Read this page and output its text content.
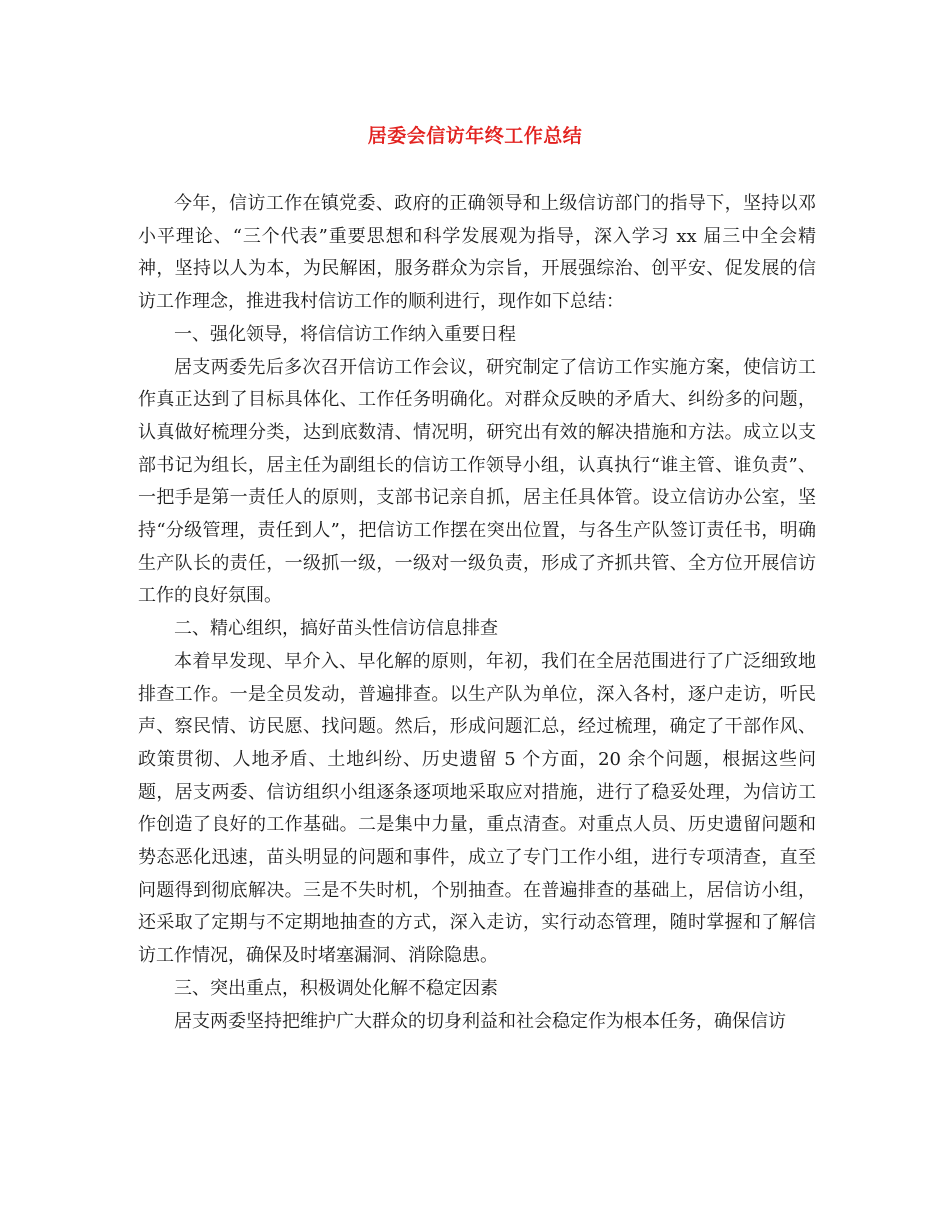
居委会信访年终工作总结

今年，信访工作在镇党委、政府的正确领导和上级信访部门的指导下，坚持以邓小平理论、“三个代表”重要思想和科学发展观为指导，深入学习 xx 届三中全会精神，坚持以人为本，为民解困，服务群众为宗旨，开展强综治、创平安、促发展的信访工作理念，推进我村信访工作的顺利进行，现作如下总结：

一、强化领导，将信信访工作纳入重要日程

居支两委先后多次召开信访工作会议，研究制定了信访工作实施方案，使信访工作真正达到了目标具体化、工作任务明确化。对群众反映的矛盾大、纠纷多的问题，认真做好梳理分类，达到底数清、情况明，研究出有效的解决措施和方法。成立以支部书记为组长，居主任为副组长的信访工作领导小组，认真执行“谁主管、谁负责”、一把手是第一责任人的原则，支部书记亲自抓，居主任具体管。设立信访办公室，坚持“分级管理，责任到人”，把信访工作摆在突出位置，与各生产队签订责任书，明确生产队长的责任，一级抓一级，一级对一级负责，形成了齐抓共管、全方位开展信访工作的良好氛围。

二、精心组织，搞好苗头性信访信息排查

本着早发现、早介入、早化解的原则，年初，我们在全居范围进行了广泛细致地排查工作。一是全员发动，普遍排查。以生产队为单位，深入各村，逐户走访，听民声、察民情、访民愿、找问题。然后，形成问题汇总，经过梳理，确定了干部作风、政策贯彻、人地矛盾、土地纠纷、历史遗留 5 个方面，20 余个问题，根据这些问题，居支两委、信访组织小组逐条逐项地采取应对措施，进行了稳妥处理，为信访工作创造了良好的工作基础。二是集中力量，重点清查。对重点人员、历史遗留问题和势态恶化迅速，苗头明显的问题和事件，成立了专门工作小组，进行专项清查，直至问题得到彻底解决。三是不失时机，个别抽查。在普遍排查的基础上，居信访小组，还采取了定期与不定期地抽查的方式，深入走访，实行动态管理，随时掌握和了解信访工作情况，确保及时堵塞漏洞、消除隐患。

三、突出重点，积极调处化解不稳定因素

居支两委坚持把维护广大群众的切身利益和社会稳定作为根本任务，确保信访
